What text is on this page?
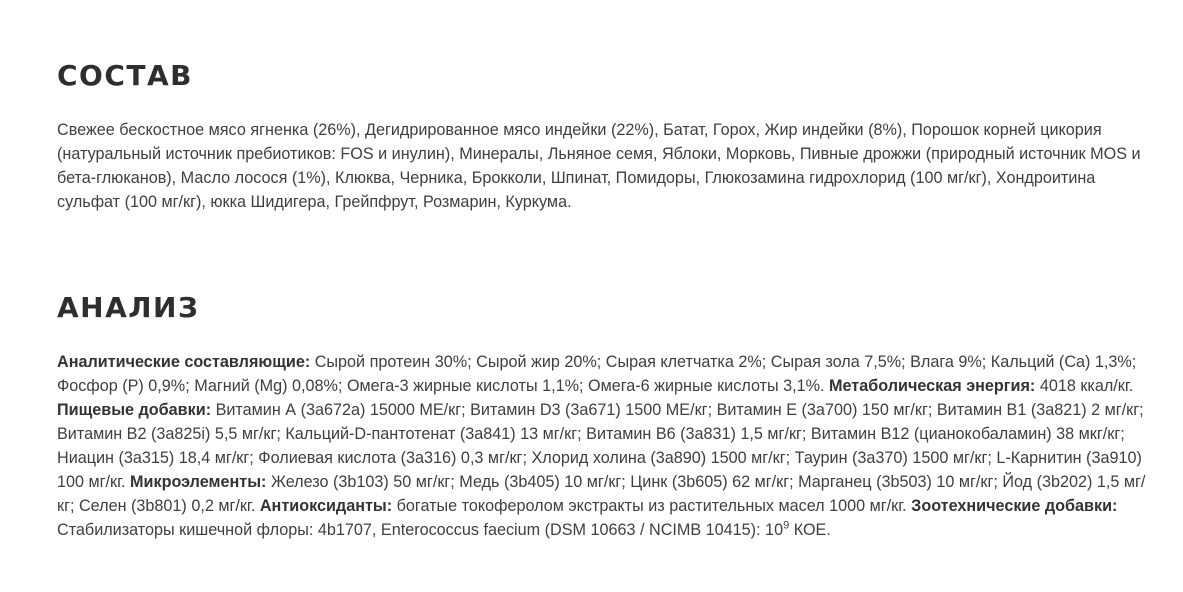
СОСТАВ

Свежее бескостное мясо ягненка (26%), Дегидрированное мясо индейки (22%), Батат, Горох, Жир индейки (8%), Порошок корней цикория (натуральный источник пребиотиков: FOS и инулин), Минералы, Льняное семя, Яблоки, Морковь, Пивные дрожжи (природный источник MOS и бета-глюканов), Масло лосося (1%), Клюква, Черника, Брокколи, Шпинат, Помидоры, Глюкозамина гидрохлорид (100 мг/кг), Хондроитина сульфат (100 мг/кг), юкка Шидигера, Грейпфрут, Розмарин, Куркума.

АНАЛИЗ

Аналитические составляющие: Сырой протеин 30%; Сырой жир 20%; Сырая клетчатка 2%; Сырая зола 7,5%; Влага 9%; Кальций (Ca) 1,3%; Фосфор (P) 0,9%; Магний (Mg) 0,08%; Омега-3 жирные кислоты 1,1%; Омега-6 жирные кислоты 3,1%. Метаболическая энергия: 4018 ккал/кг. Пищевые добавки: Витамин А (3a672a) 15000 МЕ/кг; Витамин D3 (3a671) 1500 МЕ/кг; Витамин Е (3a700) 150 мг/кг; Витамин B1 (3a821) 2 мг/кг; Витамин B2 (3a825i) 5,5 мг/кг; Кальций-D-пантотенат (3a841) 13 мг/кг; Витамин B6 (3a831) 1,5 мг/кг; Витамин B12 (цианокобаламин) 38 мкг/кг; Ниацин (3a315) 18,4 мг/кг; Фолиевая кислота (3a316) 0,3 мг/кг; Хлорид холина (3a890) 1500 мг/кг; Таурин (3a370) 1500 мг/кг; L-Карнитин (3a910) 100 мг/кг. Микроэлементы: Железо (3b103) 50 мг/кг; Медь (3b405) 10 мг/кг; Цинк (3b605) 62 мг/кг; Марганец (3b503) 10 мг/кг; Йод (3b202) 1,5 мг/кг; Селен (3b801) 0,2 мг/кг. Антиоксиданты: богатые токоферолом экстракты из растительных масел 1000 мг/кг. Зоотехнические добавки: Стабилизаторы кишечной флоры: 4b1707, Enterococcus faecium (DSM 10663 / NCIMB 10415): $10^9$ КОЕ.
